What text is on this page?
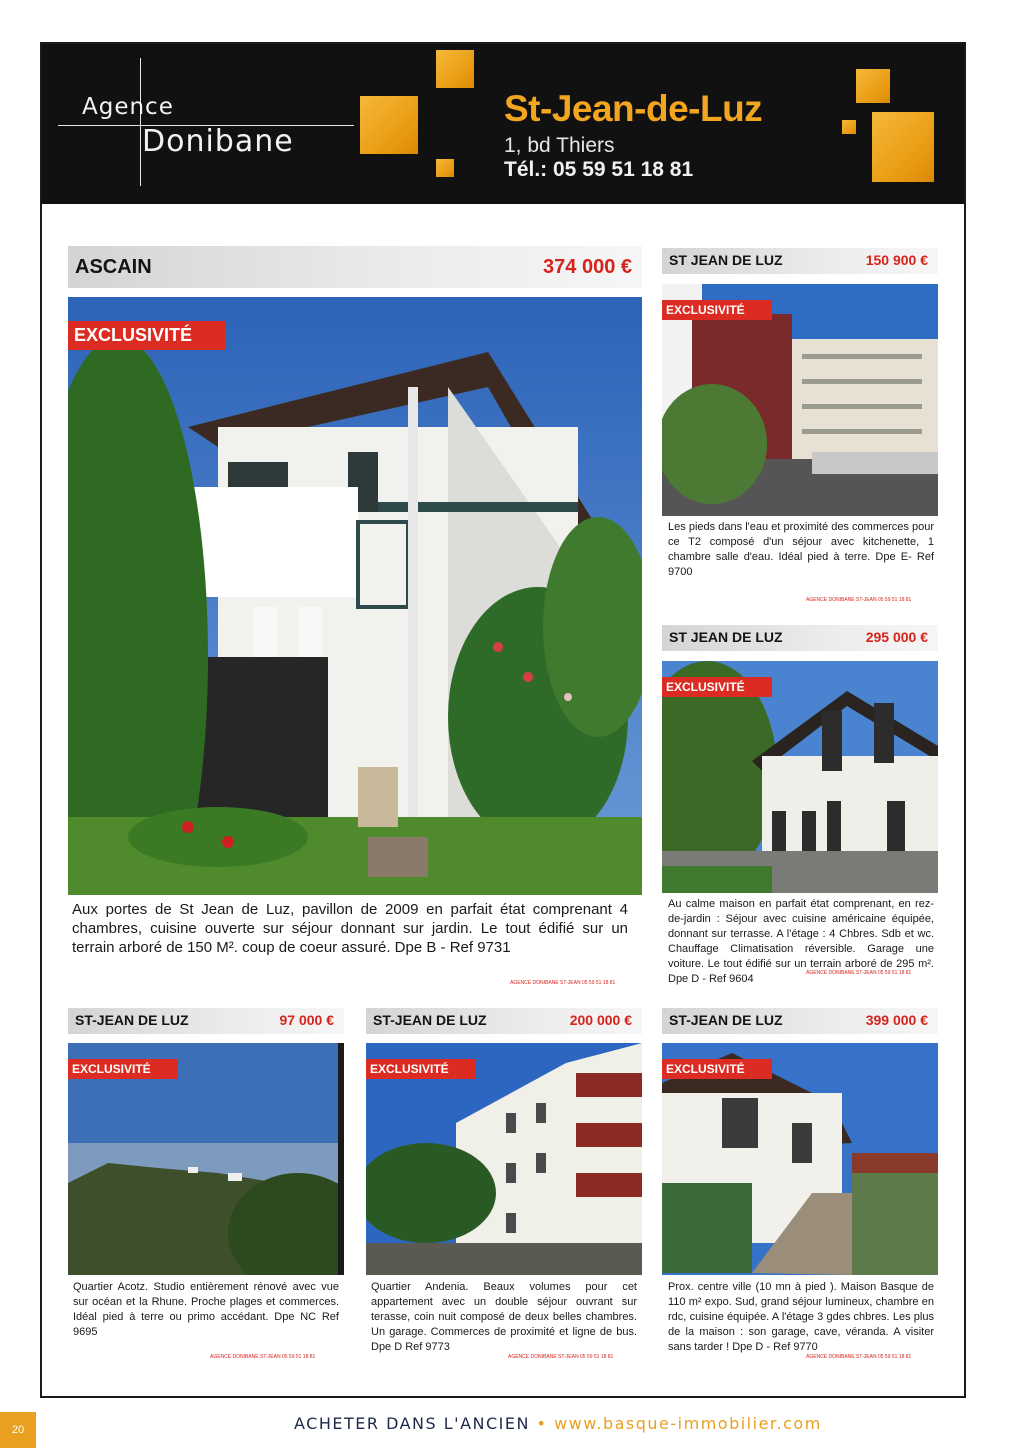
Agence
Donibane
St-Jean-de-Luz
1, bd Thiers
Tél.: 05 59 51 18 81
ASCAIN	374 000 €
EXCLUSIVITÉ
Aux portes de St Jean de Luz, pavillon de 2009 en parfait état comprenant 4 chambres, cuisine ouverte sur séjour donnant sur jardin. Le tout édifié sur un terrain arboré de 150 M². coup de coeur assuré. Dpe B - Ref 9731
AGENCE DONIBANE ST-JEAN 05 59 51 18 81
ST JEAN DE LUZ	150 900 €
EXCLUSIVITÉ
Les pieds dans l'eau et proximité des commerces pour ce T2 composé d'un séjour avec kitchenette, 1 chambre salle d'eau. Idéal pied à terre. Dpe E- Ref 9700
AGENCE DONIBANE ST-JEAN 05 59 51 18 81
ST JEAN DE LUZ	295 000 €
EXCLUSIVITÉ
Au calme maison en parfait état comprenant, en rez-de-jardin : Séjour avec cuisine américaine équipée, donnant sur terrasse. A l'étage : 4 Chbres. Sdb et wc. Chauffage Climatisation réversible. Garage une voiture. Le tout édifié sur un terrain arboré de 295 m². Dpe D - Ref 9604	AGENCE DONIBANE ST-JEAN 05 59 51 18 81
ST-JEAN DE LUZ	97 000 €
EXCLUSIVITÉ
Quartier Acotz. Studio entièrement rénové avec vue sur océan et la Rhune. Proche plages et commerces. Idéal pied à terre ou primo accédant. Dpe NC Ref 9695
AGENCE DONIBANE ST-JEAN 05 59 51 18 81
ST-JEAN DE LUZ	200 000 €
EXCLUSIVITÉ
Quartier Andenia. Beaux volumes pour cet appartement avec un double séjour ouvrant sur terasse, coin nuit composé de deux belles chambres. Un garage. Commerces de proximité et ligne de bus. Dpe D Ref 9773
AGENCE DONIBANE ST-JEAN 05 59 51 18 81
ST-JEAN DE LUZ	399 000 €
EXCLUSIVITÉ
Prox. centre ville (10 mn à pied ). Maison Basque de 110 m² expo. Sud, grand séjour lumineux, chambre en rdc, cuisine équipée. A l'étage 3 gdes chbres. Les plus de la maison : son garage, cave, véranda. A visiter sans tarder ! Dpe D - Ref 9770
AGENCE DONIBANE ST-JEAN 05 59 51 18 81
20	ACHETER DANS L'ANCIEN • www.basque-immobilier.com
